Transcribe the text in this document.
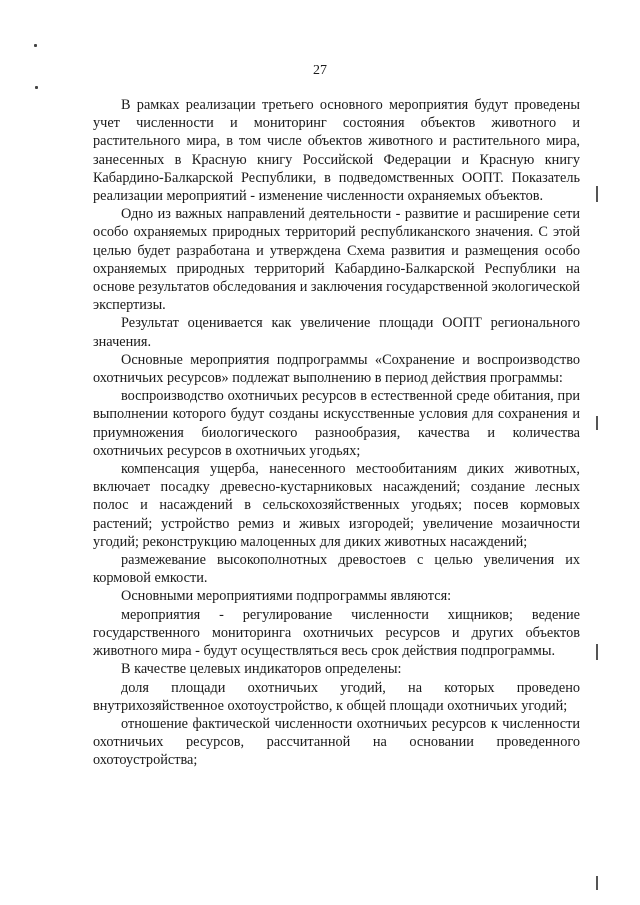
27

В рамках реализации третьего основного мероприятия будут проведены учет численности и мониторинг состояния объектов животного и растительного мира, в том числе объектов животного и растительного мира, занесенных в Красную книгу Российской Федерации и Красную книгу Кабардино-Балкарской Республики, в подведомственных ООПТ. Показатель реализации мероприятий - изменение численности охраняемых объектов.

Одно из важных направлений деятельности - развитие и расширение сети особо охраняемых природных территорий республиканского значения. С этой целью будет разработана и утверждена Схема развития и размещения особо охраняемых природных территорий Кабардино-Балкарской Республики на основе результатов обследования и заключения государственной экологической экспертизы.

Результат оценивается как увеличение площади ООПТ регионального значения.

Основные мероприятия подпрограммы «Сохранение и воспроизводство охотничьих ресурсов» подлежат выполнению в период действия программы:

воспроизводство охотничьих ресурсов в естественной среде обитания, при выполнении которого будут созданы искусственные условия для сохранения и приумножения биологического разнообразия, качества и количества охотничьих ресурсов в охотничьих угодьях;

компенсация ущерба, нанесенного местообитаниям диких животных, включает посадку древесно-кустарниковых насаждений; создание лесных полос и насаждений в сельскохозяйственных угодьях; посев кормовых растений; устройство ремиз и живых изгородей; увеличение мозаичности угодий; реконструкцию малоценных для диких животных насаждений;

размежевание высокополнотных древостоев с целью увеличения их кормовой емкости.

Основными мероприятиями подпрограммы являются:

мероприятия - регулирование численности хищников; ведение государственного мониторинга охотничьих ресурсов и других объектов животного мира - будут осуществляться весь срок действия подпрограммы.

В качестве целевых индикаторов определены:

доля площади охотничьих угодий, на которых проведено внутрихозяйственное охотоустройство, к общей площади охотничьих угодий;

отношение фактической численности охотничьих ресурсов к численности охотничьих ресурсов, рассчитанной на основании проведенного охотоустройства;
